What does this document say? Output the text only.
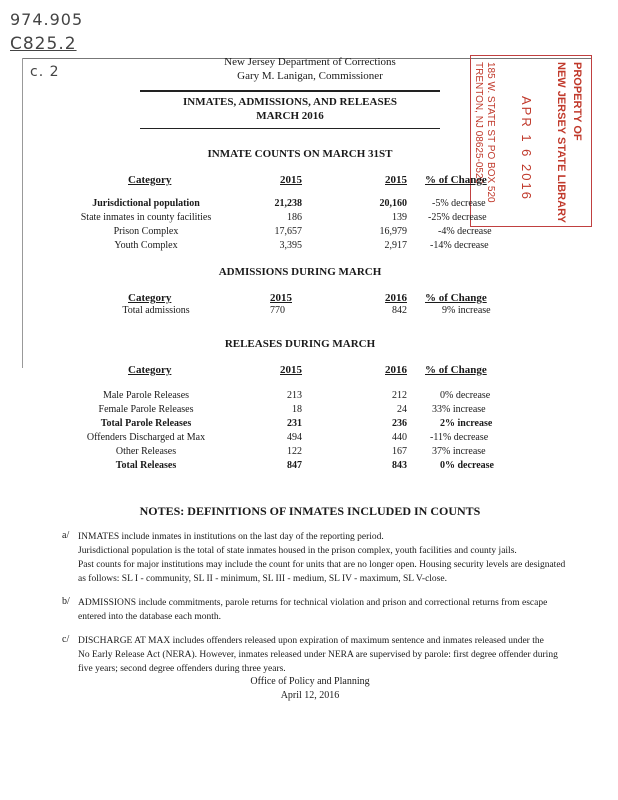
974.905
C825.2
c. 2
New Jersey Department of Corrections
Gary M. Lanigan, Commissioner
INMATES, ADMISSIONS, AND RELEASES
MARCH 2016	PROPERTY OF
NEW JERSEY STATE LIBRARY
APR 1 6 2016
185 W. STATE ST PO BOX 520
TRENTON, NJ 08625-0520
INMATE COUNTS ON MARCH 31ST
Category	2015	2015 % of Change
Jurisdictional population	21,238	20,160	-5% decrease
State inmates in county facilities	186	139 -25% decrease
Prison Complex	17,657	16,979	-4% decrease
Youth Complex	3,395	2,917 -14% decrease
ADMISSIONS DURING MARCH
Category	2015	2016 % of Change
Total admissions	770	842	9% increase
RELEASES DURING MARCH
Category	2015	2016 % of Change
Male Parole Releases	213	212	0% decrease
Female Parole Releases	18	24	33% increase
Total Parole Releases	231	236	2% increase
Offenders Discharged at Max	494	440 -11% decrease
Other Releases	122	167	37% increase
Total Releases	847	843	0% decrease
NOTES: DEFINITIONS OF INMATES INCLUDED IN COUNTS
a/ INMATES include inmates in institutions on the last day of the reporting period.
Jurisdictional population is the total of state inmates housed in the prison complex, youth facilities and county jails.
Past counts for major institutions may include the count for units that are no longer open. Housing security levels are designated
as follows: SL I - community, SL II - minimum, SL III - medium, SL IV - maximum, SL V-close.
b/ ADMISSIONS include commitments, parole returns for technical violation and prison and correctional returns from escape
entered into the database each month.
c/ DISCHARGE AT MAX includes offenders released upon expiration of maximum sentence and inmates released under the
No Early Release Act (NERA). However, inmates released under NERA are supervised by parole: first degree offender during
five years; second degree offenders during three years.
Office of Policy and Planning
April 12, 2016
